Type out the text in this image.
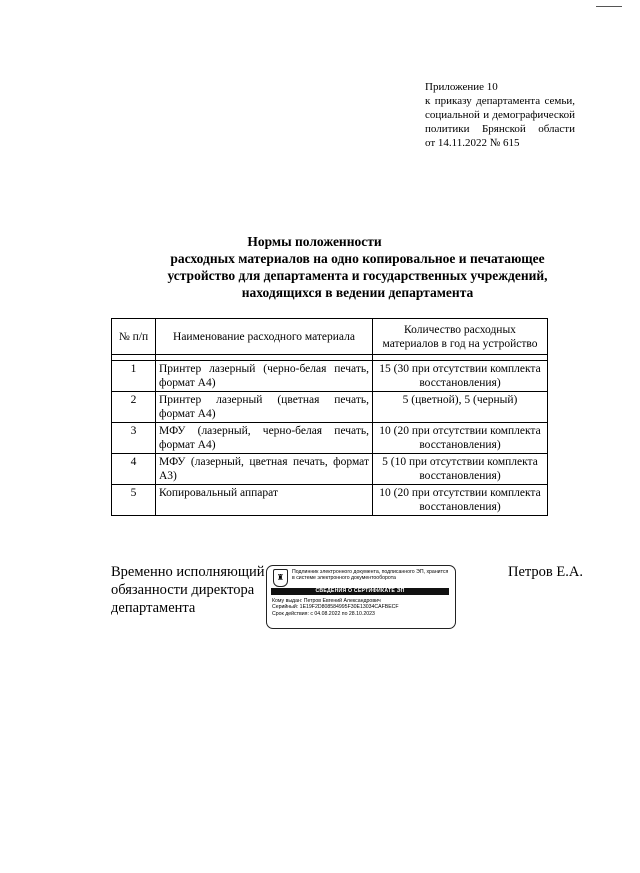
Приложение 10
к приказу департамента семьи,
социальной и демографической
политики Брянской области
от 14.11.2022 № 615
Нормы положенности
расходных материалов на одно копировальное и печатающее
устройство для департамента и государственных учреждений,
находящихся в ведении департамента
№ п/п	Наименование расходного материала	Количество расходных материалов в год на устройство

1	Принтер лазерный (черно-белая печать, формат А4)	15 (30 при отсутствии комплекта восстановления)
2	Принтер лазерный (цветная печать, формат А4)	5 (цветной), 5 (черный)
3	МФУ (лазерный, черно-белая печать, формат А4)	10 (20 при отсутствии комплекта восстановления)
4	МФУ (лазерный, цветная печать, формат А3)	5 (10 при отсутствии комплекта восстановления)
5	Копировальный аппарат	10 (20 при отсутствии комплекта восстановления)
Временно исполняющий
обязанности директора
департамента
♜
Подлинник электронного документа, подписанного ЭП, хранится в системе электронного документооборота
СВЕДЕНИЯ О СЕРТИФИКАТЕ ЭП
Кому выдан: Петров Евгений Александрович
Серийный: 1E19F2D808584995F30E13034CAFBECF
Срок действия: с 04.08.2022 по 28.10.2023
Петров Е.А.
